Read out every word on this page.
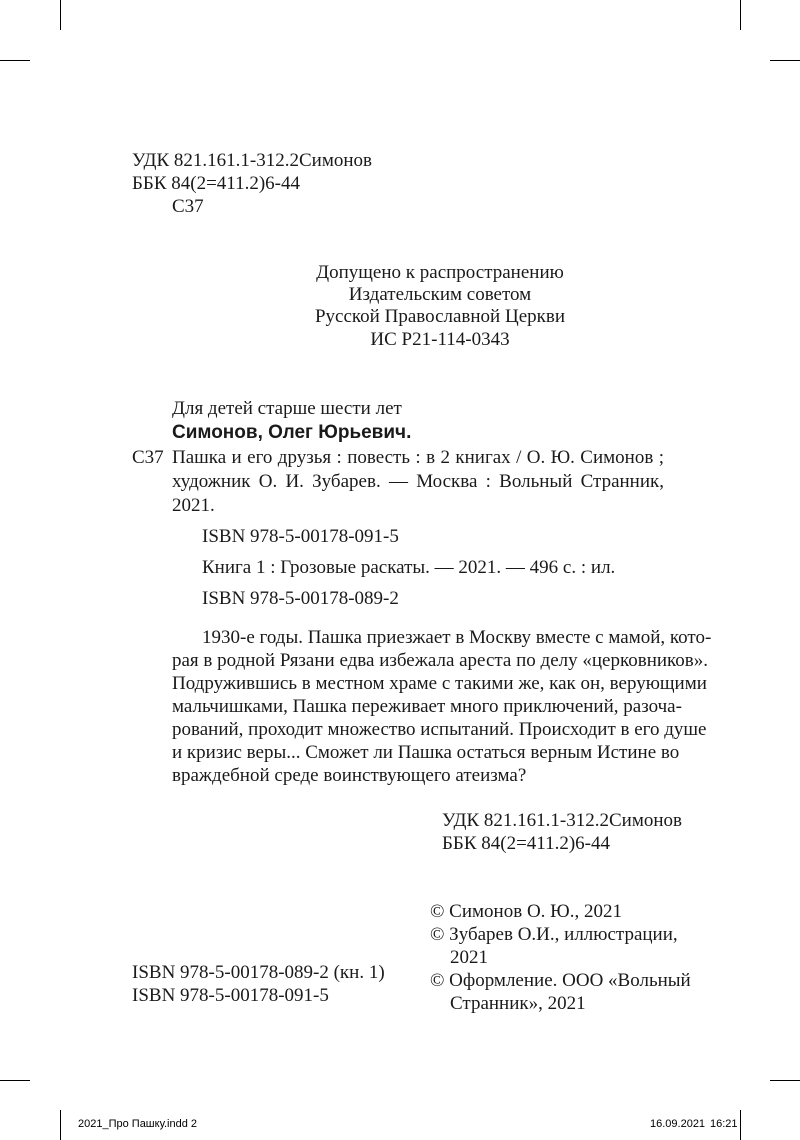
УДК 821.161.1-312.2Симонов
ББК 84(2=411.2)6-44
С37
Допущено к распространению
Издательским советом
Русской Православной Церкви
ИС Р21-114-0343
Для детей старше шести лет
Симонов, Олег Юрьевич.
С37 Пашка и его друзья : повесть : в 2 книгах / О. Ю. Симонов ;
художник О. И. Зубарев. — Москва : Вольный Странник,
2021.
ISBN 978-5-00178-091-5
Книга 1 : Грозовые раскаты. — 2021. — 496 с. : ил.
ISBN 978-5-00178-089-2
1930-е годы. Пашка приезжает в Москву вместе с мамой, кото-
рая в родной Рязани едва избежала ареста по делу «церковников».
Подружившись в местном храме с такими же, как он, верующими
мальчишками, Пашка переживает много приключений, разоча-
рований, проходит множество испытаний. Происходит в его душе
и кризис веры... Сможет ли Пашка остаться верным Истине во
враждебной среде воинствующего атеизма?
УДК 821.161.1-312.2Симонов
ББК 84(2=411.2)6-44
© Симонов О. Ю., 2021
© Зубарев О.И., иллюстрации,
2021
© Оформление. ООО «Вольный
Странник», 2021
ISBN 978-5-00178-089-2 (кн. 1)
ISBN 978-5-00178-091-5
2021_Про Пашку.indd 2	16.09.2021 16:21
